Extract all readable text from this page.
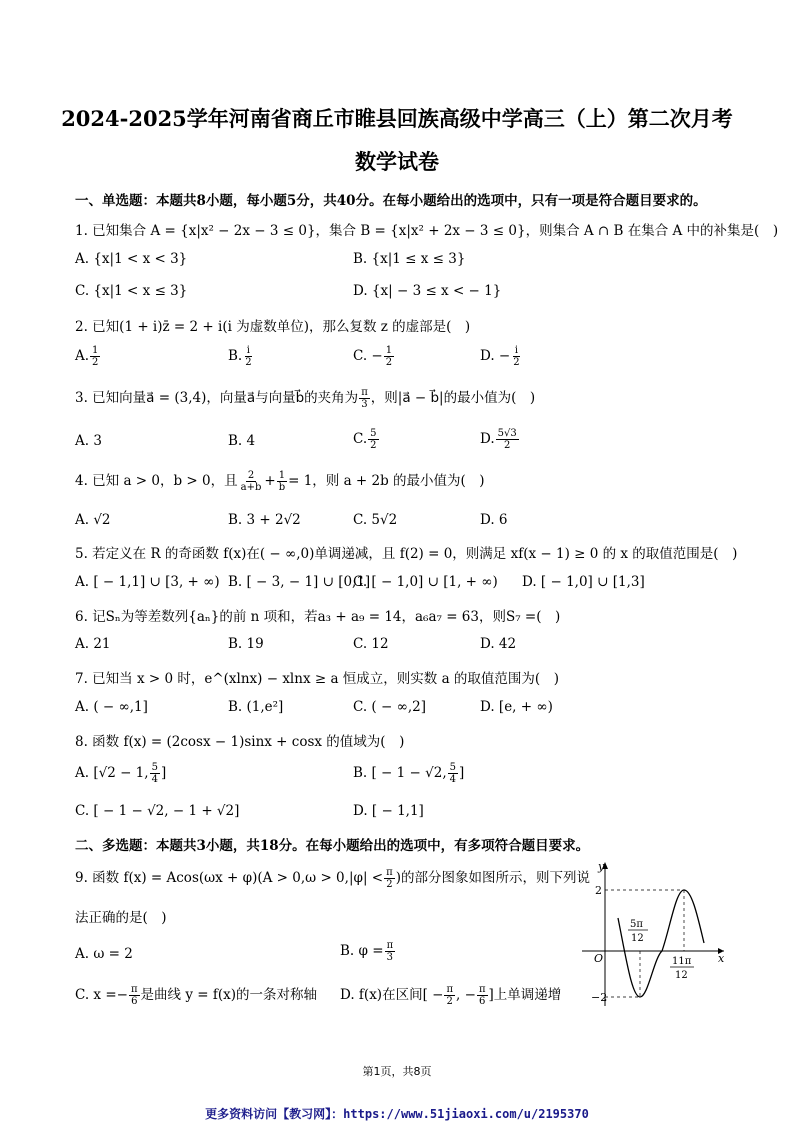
2024-2025学年河南省商丘市睢县回族高级中学高三（上）第二次月考
数学试卷
一、单选题：本题共8小题，每小题5分，共40分。在每小题给出的选项中，只有一项是符合题目要求的。
1. 已知集合 A = {x|x² − 2x − 3 ≤ 0}，集合 B = {x|x² + 2x − 3 ≤ 0}，则集合 A ∩ B 在集合 A 中的补集是(　)
A. {x|1 < x < 3}	B. {x|1 ≤ x ≤ 3}
C. {x|1 < x ≤ 3}	D. {x| − 3 ≤ x < − 1}
2. 已知(1 + i)z̄ = 2 + i(i 为虚数单位)，那么复数 z 的虚部是(　)
A. $\frac{1}{2}$	B. $\frac{i}{2}$	C. − $\frac{1}{2}$	D. − $\frac{i}{2}$
3. 已知向量a⃗ = (3,4)，向量a⃗与向量b⃗的夹角为 $\frac{\pi}{3}$ ，则|a⃗ − b⃗|的最小值为(　)
A. 3	B. 4	C. $\frac{5}{2}$	D. $\frac{5√3}{2}$
4. 已知 a > 0，b > 0，且 $\frac{2}{a+b} + \frac{1}{b} = 1$，则 a + 2b 的最小值为(　)
A. √2	B. 3 + 2√2	C. 5√2	D. 6
5. 若定义在 R 的奇函数 f(x)在( − ∞,0)单调递减，且 f(2) = 0，则满足 xf(x − 1) ≥ 0 的 x 的取值范围是(　)
A. [ − 1,1] ∪ [3, + ∞) B. [ − 3, − 1] ∪ [0,1]
C. [ − 1,0] ∪ [1, + ∞) D. [ − 1,0] ∪ [1,3]
6. 记Sₙ为等差数列{aₙ}的前 n 项和，若a₃ + a₉ = 14，a₆a₇ = 63，则S₇ =(　)
A. 21	B. 19	C. 12	D. 42
7. 已知当 x > 0 时，e^(xlnx) − xlnx ≥ a 恒成立，则实数 a 的取值范围为(　)
A. ( − ∞,1]	B. (1,e²]	C. ( − ∞,2]	D. [e, + ∞)
8. 函数 f(x) = (2cosx − 1)sinx + cosx 的值域为(　)
A. [√2 − 1, $\frac{5}{4}$ ]	B. [ − 1 − √2, $\frac{5}{4}$ ]
C. [ − 1 − √2, − 1 + √2]	D. [ − 1,1]
二、多选题：本题共3小题，共18分。在每小题给出的选项中，有多项符合题目要求。
9. 函数 $f(x) = Acos(\omega x + \varphi)(A > 0,\omega > 0,|\varphi| < \frac{\pi}{2}$ )的部分图象如图所示，则下列说
法正确的是(　)
A. ω = 2	B. $\varphi = \frac{\pi}{3}$
C. $x =- \frac{\pi}{6}$ 是曲线 y = f(x)的一条对称轴 D. f(x)在区间[ − $\frac{\pi}{2}$ , − $\frac{\pi}{6}$ ]上单调递增
y
x
O
2
−2
5π
12
11π
12
第1页，共8页
更多资料访问【教习网】：https://www.51jiaoxi.com/u/2195370
